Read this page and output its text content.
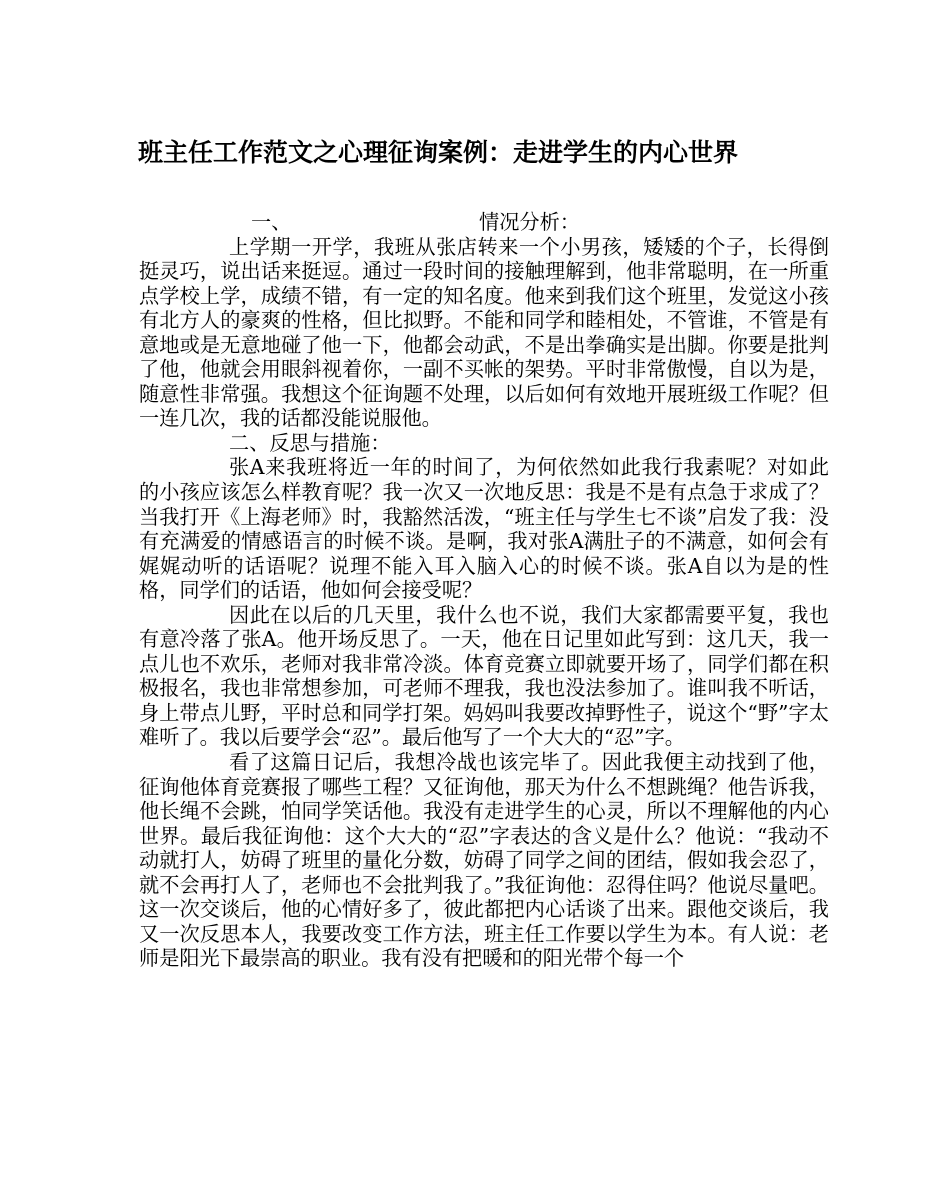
班主任工作范文之心理征询案例：走进学生的内心世界
一、	情况分析：

上学期一开学，我班从张店转来一个小男孩，矮矮的个子，长得倒挺灵巧，说出话来挺逗。通过一段时间的接触理解到，他非常聪明，在一所重点学校上学，成绩不错，有一定的知名度。他来到我们这个班里，发觉这小孩有北方人的豪爽的性格，但比拟野。不能和同学和睦相处，不管谁，不管是有意地或是无意地碰了他一下，他都会动武，不是出拳确实是出脚。你要是批判了他，他就会用眼斜视着你，一副不买帐的架势。平时非常傲慢，自以为是，随意性非常强。我想这个征询题不处理，以后如何有效地开展班级工作呢？但一连几次，我的话都没能说服他。

二、反思与措施：

张A来我班将近一年的时间了，为何依然如此我行我素呢？对如此的小孩应该怎么样教育呢？我一次又一次地反思：我是不是有点急于求成了？当我打开《上海老师》时，我豁然活泼，“班主任与学生七不谈”启发了我：没有充满爱的情感语言的时候不谈。是啊，我对张A满肚子的不满意，如何会有娓娓动听的话语呢？说理不能入耳入脑入心的时候不谈。张A自以为是的性格，同学们的话语，他如何会接受呢？

因此在以后的几天里，我什么也不说，我们大家都需要平复，我也有意冷落了张A。他开场反思了。一天，他在日记里如此写到：这几天，我一点儿也不欢乐，老师对我非常冷淡。体育竞赛立即就要开场了，同学们都在积极报名，我也非常想参加，可老师不理我，我也没法参加了。谁叫我不听话，身上带点儿野，平时总和同学打架。妈妈叫我要改掉野性子，说这个“野”字太难听了。我以后要学会“忍”。最后他写了一个大大的“忍”字。

看了这篇日记后，我想冷战也该完毕了。因此我便主动找到了他，征询他体育竞赛报了哪些工程？又征询他，那天为什么不想跳绳？他告诉我，他长绳不会跳，怕同学笑话他。我没有走进学生的心灵，所以不理解他的内心世界。最后我征询他：这个大大的“忍”字表达的含义是什么？他说：“我动不动就打人，妨碍了班里的量化分数，妨碍了同学之间的团结，假如我会忍了，就不会再打人了，老师也不会批判我了。”我征询他：忍得住吗？他说尽量吧。这一次交谈后，他的心情好多了，彼此都把内心话谈了出来。跟他交谈后，我又一次反思本人，我要改变工作方法，班主任工作要以学生为本。有人说：老师是阳光下最崇高的职业。我有没有把暖和的阳光带个每一个
